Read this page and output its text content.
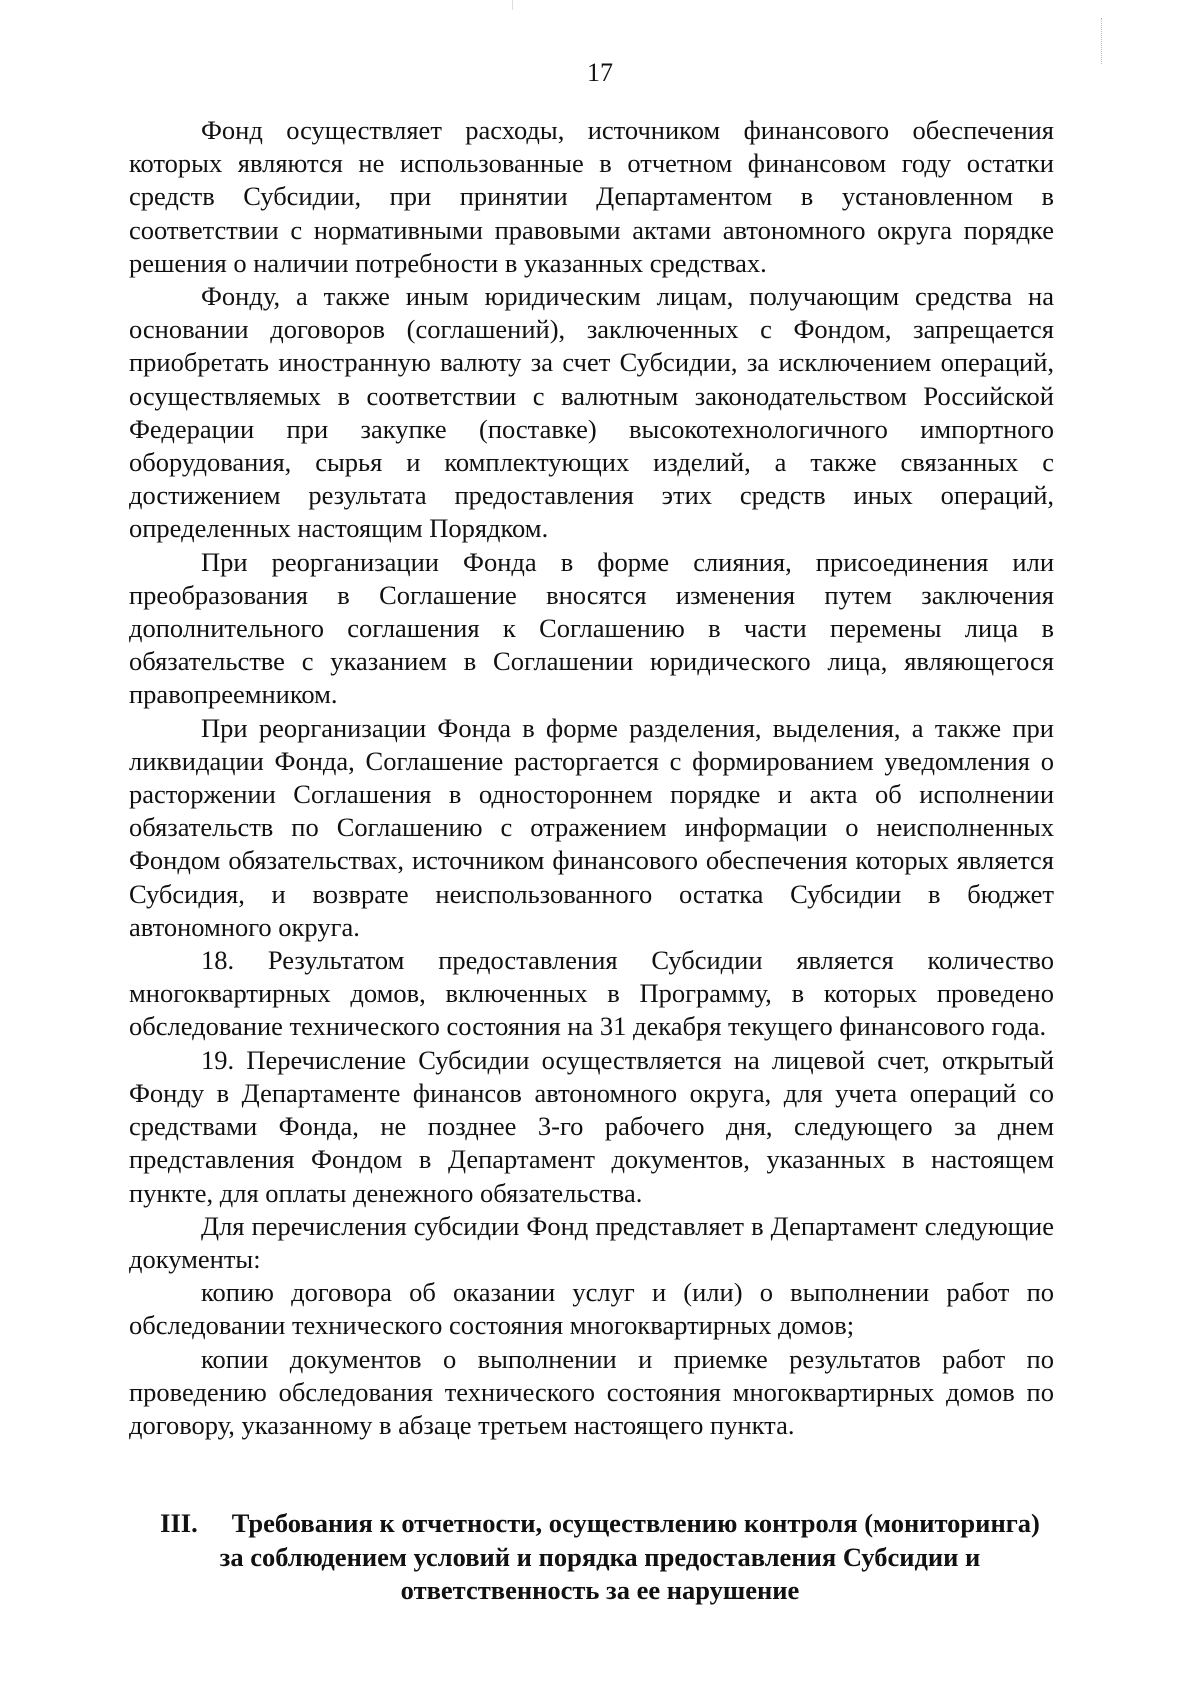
17

Фонд осуществляет расходы, источником финансового обеспечения которых являются не использованные в отчетном финансовом году остатки средств Субсидии, при принятии Департаментом в установленном в соответствии с нормативными правовыми актами автономного округа порядке решения о наличии потребности в указанных средствах.

Фонду, а также иным юридическим лицам, получающим средства на основании договоров (соглашений), заключенных с Фондом, запрещается приобретать иностранную валюту за счет Субсидии, за исключением операций, осуществляемых в соответствии с валютным законодательством Российской Федерации при закупке (поставке) высокотехнологичного импортного оборудования, сырья и комплектующих изделий, а также связанных с достижением результата предоставления этих средств иных операций, определенных настоящим Порядком.

При реорганизации Фонда в форме слияния, присоединения или преобразования в Соглашение вносятся изменения путем заключения дополнительного соглашения к Соглашению в части перемены лица в обязательстве с указанием в Соглашении юридического лица, являющегося правопреемником.

При реорганизации Фонда в форме разделения, выделения, а также при ликвидации Фонда, Соглашение расторгается с формированием уведомления о расторжении Соглашения в одностороннем порядке и акта об исполнении обязательств по Соглашению с отражением информации о неисполненных Фондом обязательствах, источником финансового обеспечения которых является Субсидия, и возврате неиспользованного остатка Субсидии в бюджет автономного округа.

18. Результатом предоставления Субсидии является количество многоквартирных домов, включенных в Программу, в которых проведено обследование технического состояния на 31 декабря текущего финансового года.

19. Перечисление Субсидии осуществляется на лицевой счет, открытый Фонду в Департаменте финансов автономного округа, для учета операций со средствами Фонда, не позднее 3-го рабочего дня, следующего за днем представления Фондом в Департамент документов, указанных в настоящем пункте, для оплаты денежного обязательства.

Для перечисления субсидии Фонд представляет в Департамент следующие документы:

копию договора об оказании услуг и (или) о выполнении работ по обследовании технического состояния многоквартирных домов;

копии документов о выполнении и приемке результатов работ по проведению обследования технического состояния многоквартирных домов по договору, указанному в абзаце третьем настоящего пункта.

III. Требования к отчетности, осуществлению контроля (мониторинга) за соблюдением условий и порядка предоставления Субсидии и ответственность за ее нарушение
